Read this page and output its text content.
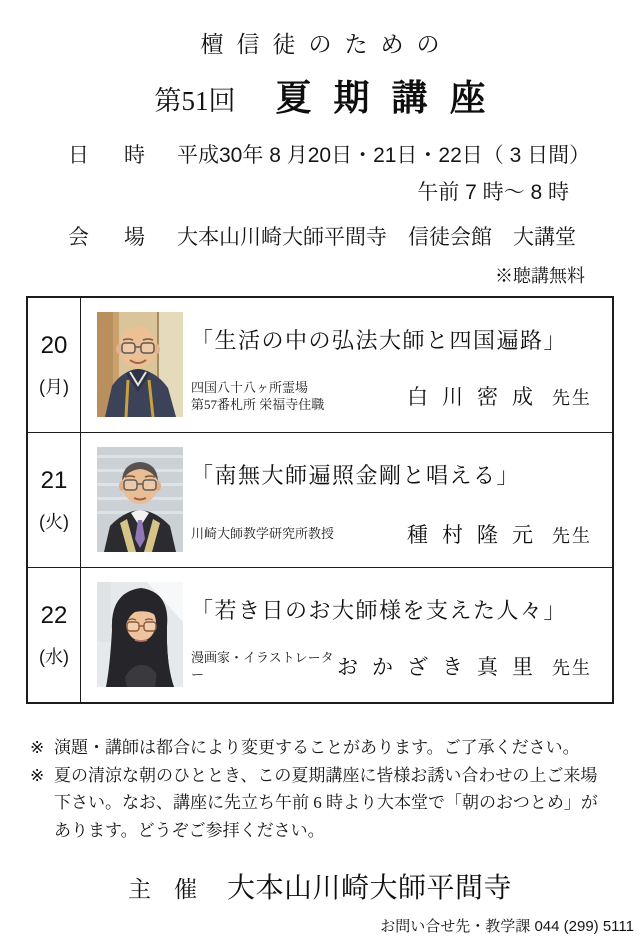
檀信徒のための
第51回 夏期講座
日　時	平成30年 8 月20日・21日・22日（ 3 日間）
午前 7 時～ 8 時
会　場	大本山川崎大師平間寺　信徒会館　大講堂
※聴講無料
20
(月)
「生活の中の弘法大師と四国遍路」
四国八十八ヶ所霊場
第57番札所 栄福寺住職	白川密成 先生
21
(火)
「南無大師遍照金剛と唱える」
川崎大師教学研究所教授	種村隆元 先生
22
(水)
「若き日のお大師様を支えた人々」
漫画家・イラストレーター	おかざき真里 先生
※ 演題・講師は都合により変更することがあります。ご了承ください。
※ 夏の清涼な朝のひととき、この夏期講座に皆様お誘い合わせの上ご来場下さい。なお、講座に先立ち午前 6 時より大本堂で「朝のおつとめ」があります。どうぞご参拝ください。
主　催 大本山川崎大師平間寺
お問い合せ先・教学課 044 (299) 5111
